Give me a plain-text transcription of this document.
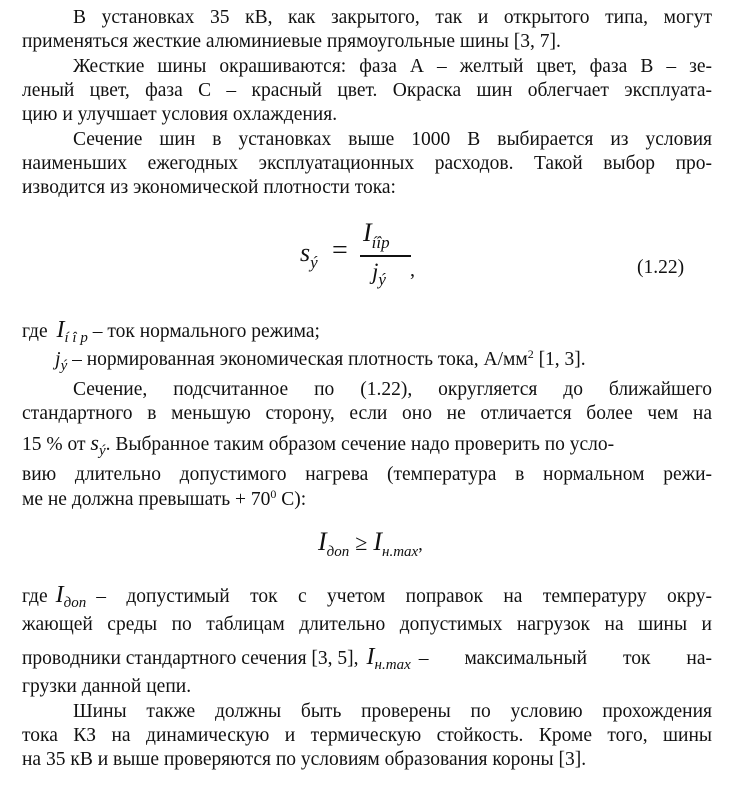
В установках 35 кВ, как закрытого, так и открытого типа, могут
применяться жесткие алюминиевые прямоугольные шины [3, 7].
Жесткие шины окрашиваются: фаза А – желтый цвет, фаза В – зе-
леный цвет, фаза С – красный цвет. Окраска шин облегчает эксплуата-
цию и улучшает условия охлаждения.
Сечение шин в установках выше 1000 В выбирается из условия
наименьших ежегодных эксплуатационных расходов. Такой выбор про-
изводится из экономической плотности тока:
sý =
Iíîp
jý ,	(1.22)
где $I_{í î p}$ – ток нормального режима;
$j_ý$ – нормированная экономическая плотность тока, $А/мм^2$ [1, 3].
Сечение, подсчитанное по (1.22), округляется до ближайшего
стандартного в меньшую сторону, если оно не отличается более чем на
15 % от $s_ý$. Выбранное таким образом сечение надо проверить по усло-
вию длительно допустимого нагрева (температура в нормальном режи-
ме не должна превышать + $70^0$ С):
Iдоп ≥ Iн.max,
где I доп – допустимый ток с учетом поправок на температуру окру-
жающей среды по таблицам длительно допустимых нагрузок на шины и
проводники стандартного сечения [3, 5], I н.max – максимальный ток на-
грузки данной цепи.
Шины также должны быть проверены по условию прохождения
тока КЗ на динамическую и термическую стойкость. Кроме того, шины
на 35 кВ и выше проверяются по условиям образования короны [3].
